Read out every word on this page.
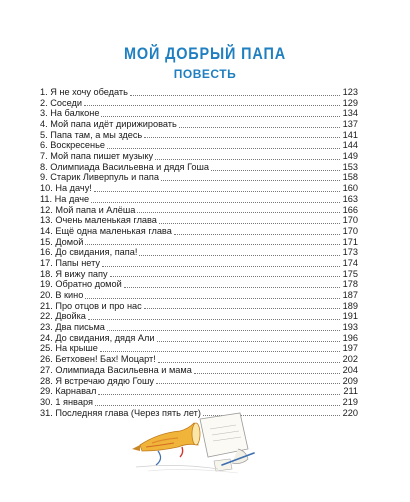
МОЙ ДОБРЫЙ ПАПА
ПОВЕСТЬ
1. Я не хочу обедать	123
2. Соседи	129
3. На балконе	134
4. Мой папа идёт дирижировать	137
5. Папа там, а мы здесь	141
6. Воскресенье	144
7. Мой папа пишет музыку	149
8. Олимпиада Васильевна и дядя Гоша	153
9. Старик Ливерпуль и папа	158
10. На дачу!	160
11. На даче	163
12. Мой папа и Алёша	166
13. Очень маленькая глава	170
14. Ещё одна маленькая глава	170
15. Домой	171
16. До свидания, папа!	173
17. Папы нету	174
18. Я вижу папу	175
19. Обратно домой	178
20. В кино	187
21. Про отцов и про нас	189
22. Двойка	191
23. Два письма	193
24. До свидания, дядя Али	196
25. На крыше	197
26. Бетховен! Бах! Моцарт!	202
27. Олимпиада Васильевна и мама	204
28. Я встречаю дядю Гошу	209
29. Карнавал	211
30. 1 января	219
31. Последняя глава (Через пять лет)	220
